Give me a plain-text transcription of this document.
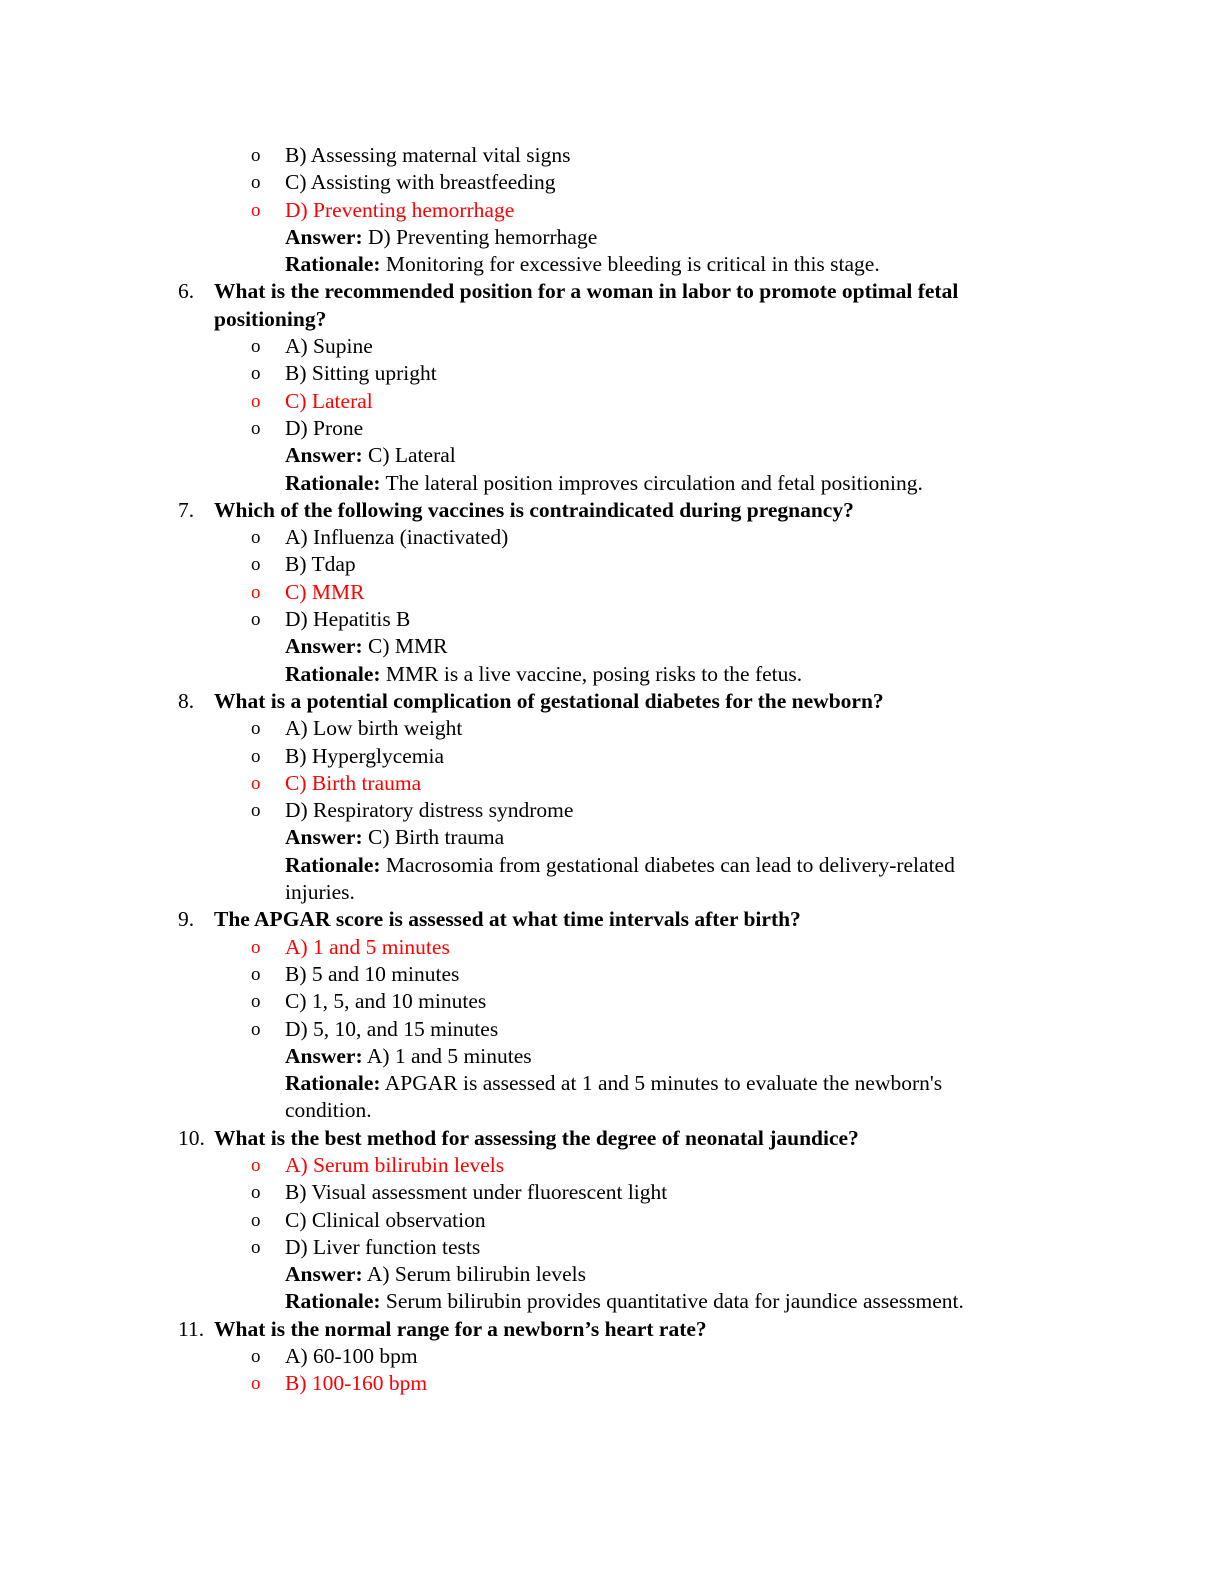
o B) Assessing maternal vital signs
o C) Assisting with breastfeeding
o D) Preventing hemorrhage
Answer: D) Preventing hemorrhage
Rationale: Monitoring for excessive bleeding is critical in this stage.
6. What is the recommended position for a woman in labor to promote optimal fetal
positioning?
o A) Supine
o B) Sitting upright
o C) Lateral
o D) Prone
Answer: C) Lateral
Rationale: The lateral position improves circulation and fetal positioning.
7. Which of the following vaccines is contraindicated during pregnancy?
o A) Influenza (inactivated)
o B) Tdap
o C) MMR
o D) Hepatitis B
Answer: C) MMR
Rationale: MMR is a live vaccine, posing risks to the fetus.
8. What is a potential complication of gestational diabetes for the newborn?
o A) Low birth weight
o B) Hyperglycemia
o C) Birth trauma
o D) Respiratory distress syndrome
Answer: C) Birth trauma
Rationale: Macrosomia from gestational diabetes can lead to delivery-related
injuries.
9. The APGAR score is assessed at what time intervals after birth?
o A) 1 and 5 minutes
o B) 5 and 10 minutes
o C) 1, 5, and 10 minutes
o D) 5, 10, and 15 minutes
Answer: A) 1 and 5 minutes
Rationale: APGAR is assessed at 1 and 5 minutes to evaluate the newborn's
condition.
10. What is the best method for assessing the degree of neonatal jaundice?
o A) Serum bilirubin levels
o B) Visual assessment under fluorescent light
o C) Clinical observation
o D) Liver function tests
Answer: A) Serum bilirubin levels
Rationale: Serum bilirubin provides quantitative data for jaundice assessment.
11. What is the normal range for a newborn’s heart rate?
o A) 60-100 bpm
o B) 100-160 bpm
